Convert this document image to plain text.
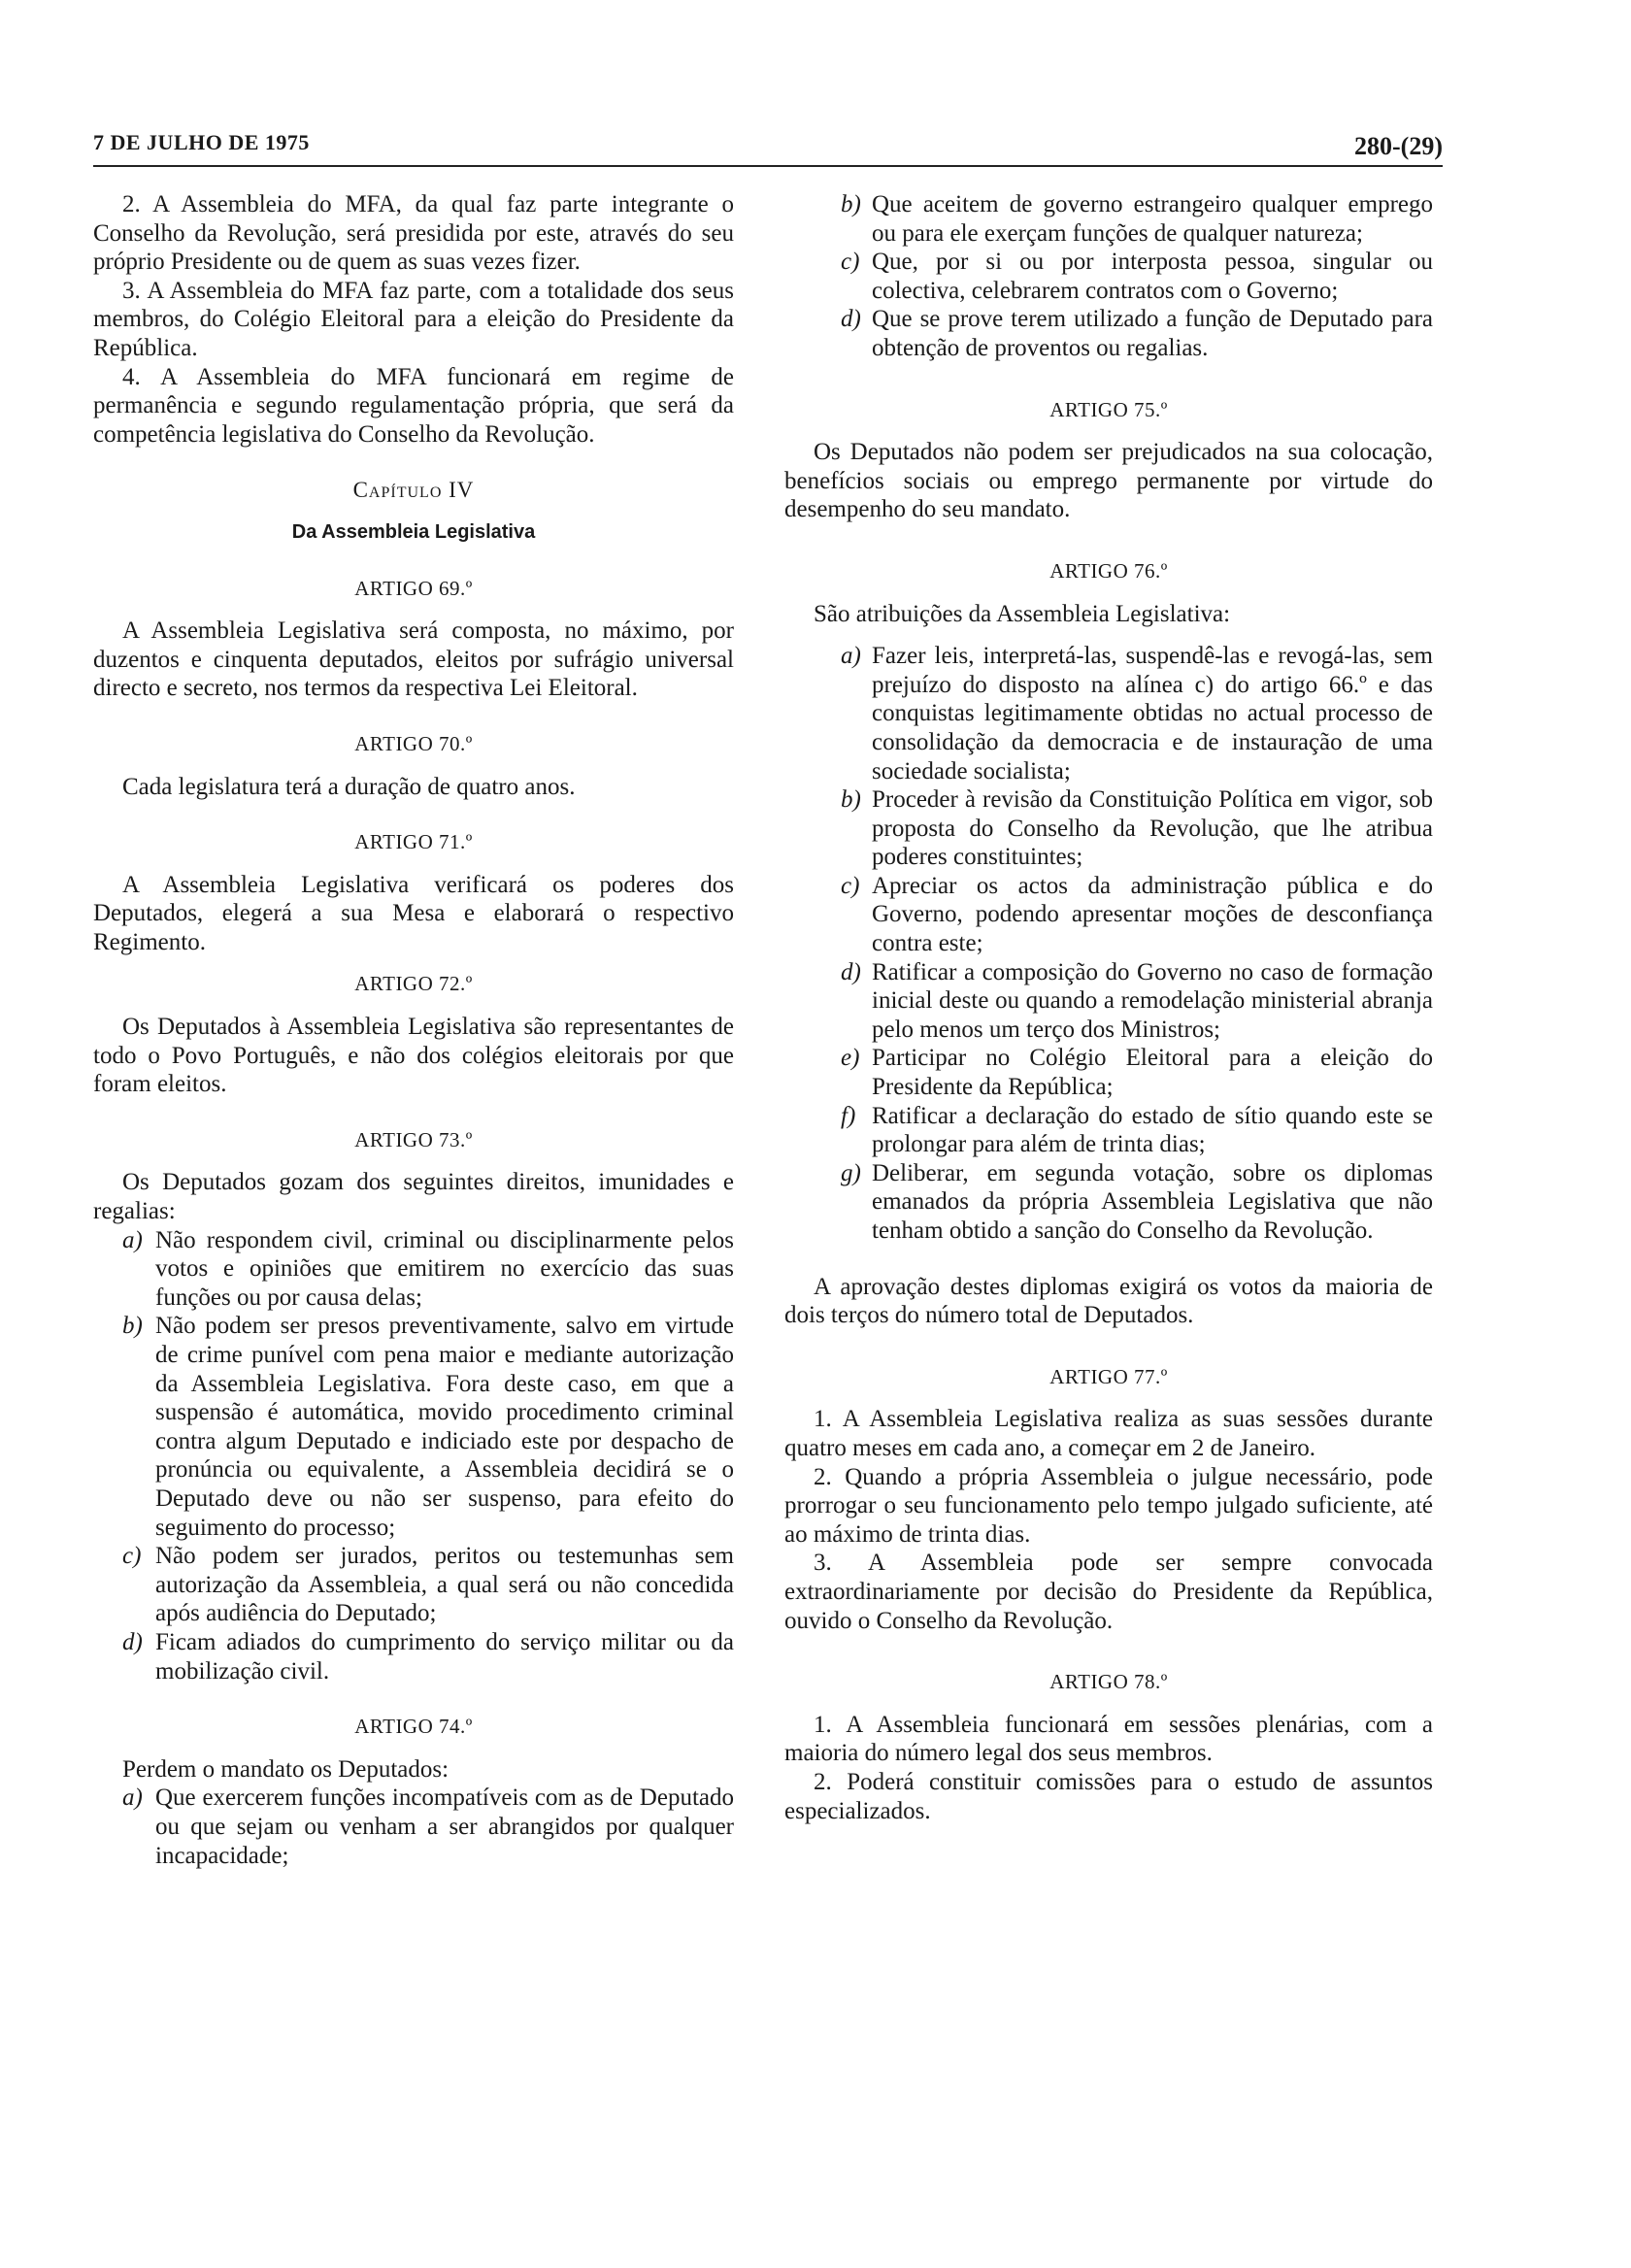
7 DE JULHO DE 1975	280-(29)

2. A Assembleia do MFA, da qual faz parte integrante o Conselho da Revolução, será presidida por este, através do seu próprio Presidente ou de quem as suas vezes fizer.

3. A Assembleia do MFA faz parte, com a totalidade dos seus membros, do Colégio Eleitoral para a eleição do Presidente da República.

4. A Assembleia do MFA funcionará em regime de permanência e segundo regulamentação própria, que será da competência legislativa do Conselho da Revolução.

Capítulo IV

Da Assembleia Legislativa

ARTIGO 69.º

A Assembleia Legislativa será composta, no máximo, por duzentos e cinquenta deputados, eleitos por sufrágio universal directo e secreto, nos termos da respectiva Lei Eleitoral.

ARTIGO 70.º

Cada legislatura terá a duração de quatro anos.

ARTIGO 71.º

A Assembleia Legislativa verificará os poderes dos Deputados, elegerá a sua Mesa e elaborará o respectivo Regimento.

ARTIGO 72.º

Os Deputados à Assembleia Legislativa são representantes de todo o Povo Português, e não dos colégios eleitorais por que foram eleitos.

ARTIGO 73.º

Os Deputados gozam dos seguintes direitos, imunidades e regalias:

a) Não respondem civil, criminal ou disciplinarmente pelos votos e opiniões que emitirem no exercício das suas funções ou por causa delas;
b) Não podem ser presos preventivamente, salvo em virtude de crime punível com pena maior e mediante autorização da Assembleia Legislativa. Fora deste caso, em que a suspensão é automática, movido procedimento criminal contra algum Deputado e indiciado este por despacho de pronúncia ou equivalente, a Assembleia decidirá se o Deputado deve ou não ser suspenso, para efeito do seguimento do processo;
c) Não podem ser jurados, peritos ou testemunhas sem autorização da Assembleia, a qual será ou não concedida após audiência do Deputado;
d) Ficam adiados do cumprimento do serviço militar ou da mobilização civil.

ARTIGO 74.º

Perdem o mandato os Deputados:

a) Que exercerem funções incompatíveis com as de Deputado ou que sejam ou venham a ser abrangidos por qualquer incapacidade;
b) Que aceitem de governo estrangeiro qualquer emprego ou para ele exerçam funções de qualquer natureza;
c) Que, por si ou por interposta pessoa, singular ou colectiva, celebrarem contratos com o Governo;
d) Que se prove terem utilizado a função de Deputado para obtenção de proventos ou regalias.

ARTIGO 75.º

Os Deputados não podem ser prejudicados na sua colocação, benefícios sociais ou emprego permanente por virtude do desempenho do seu mandato.

ARTIGO 76.º

São atribuições da Assembleia Legislativa:

a) Fazer leis, interpretá-las, suspendê-las e revogá-las, sem prejuízo do disposto na alínea c) do artigo 66.º e das conquistas legitimamente obtidas no actual processo de consolidação da democracia e de instauração de uma sociedade socialista;
b) Proceder à revisão da Constituição Política em vigor, sob proposta do Conselho da Revolução, que lhe atribua poderes constituintes;
c) Apreciar os actos da administração pública e do Governo, podendo apresentar moções de desconfiança contra este;
d) Ratificar a composição do Governo no caso de formação inicial deste ou quando a remodelação ministerial abranja pelo menos um terço dos Ministros;
e) Participar no Colégio Eleitoral para a eleição do Presidente da República;
f) Ratificar a declaração do estado de sítio quando este se prolongar para além de trinta dias;
g) Deliberar, em segunda votação, sobre os diplomas emanados da própria Assembleia Legislativa que não tenham obtido a sanção do Conselho da Revolução.

A aprovação destes diplomas exigirá os votos da maioria de dois terços do número total de Deputados.

ARTIGO 77.º

1. A Assembleia Legislativa realiza as suas sessões durante quatro meses em cada ano, a começar em 2 de Janeiro.

2. Quando a própria Assembleia o julgue necessário, pode prorrogar o seu funcionamento pelo tempo julgado suficiente, até ao máximo de trinta dias.

3. A Assembleia pode ser sempre convocada extraordinariamente por decisão do Presidente da República, ouvido o Conselho da Revolução.

ARTIGO 78.º

1. A Assembleia funcionará em sessões plenárias, com a maioria do número legal dos seus membros.

2. Poderá constituir comissões para o estudo de assuntos especializados.
